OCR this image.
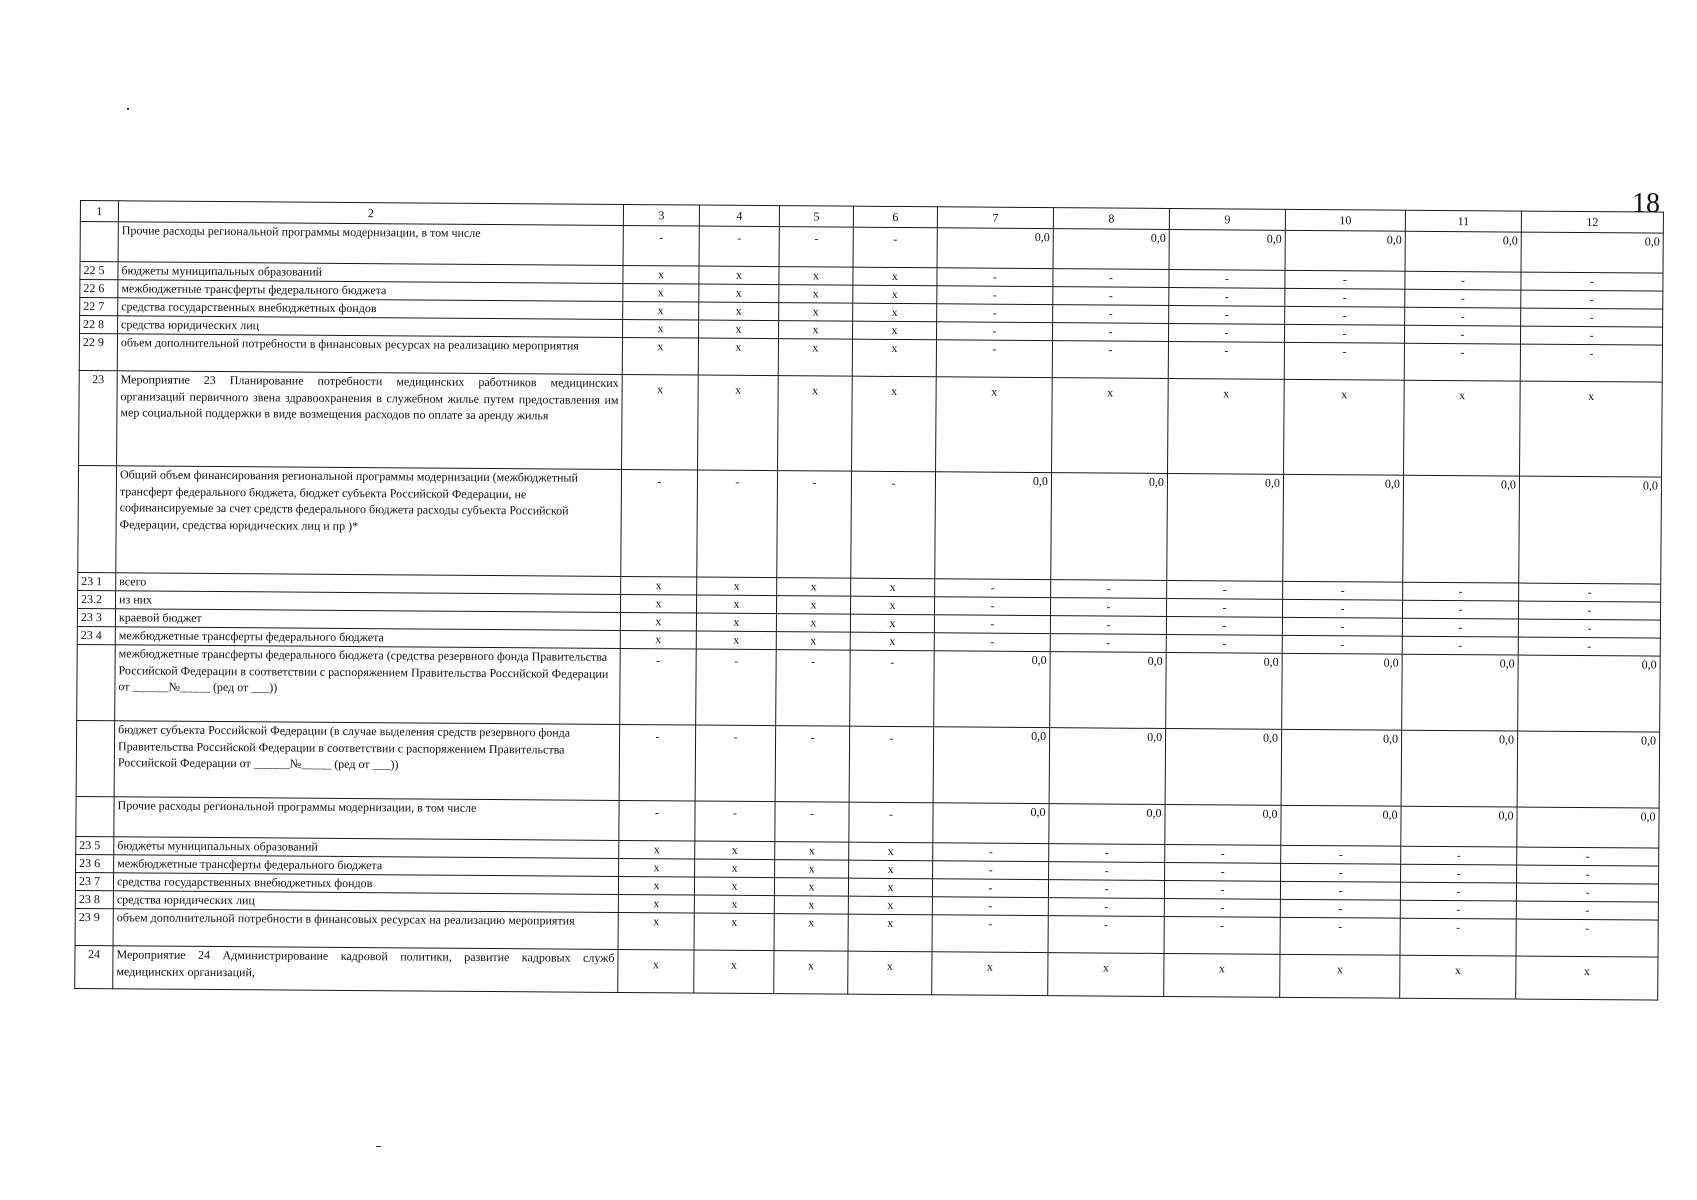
18
1	2	3	4	5	6	7	8	9	10	11	12
	Прочие расходы региональной программы модернизации, в том числе	-	-	-	-	0,0	0,0	0,0	0,0	0,0	0,0
22 5	бюджеты муниципальных образований	x	x	x	x	-	-	-	-	-	-
22 6	межбюджетные трансферты федерального бюджета	x	x	x	x	-	-	-	-	-	-
22 7	средства государственных внебюджетных фондов	x	x	x	x	-	-	-	-	-	-
22 8	средства юридических лиц	x	x	x	x	-	-	-	-	-	-
22 9	объем дополнительной потребности в финансовых ресурсах на реализацию мероприятия	x	x	x	x	-	-	-	-	-	-
23	Мероприятие 23 Планирование потребности медицинских работников медицинских организаций первичного звена здравоохранения в служебном жилье путем предоставления им мер социальной поддержки в виде возмещения расходов по оплате за аренду жилья	x	x	x	x	x	x	x	x	x	x
	Общий объем финансирования региональной программы модернизации (межбюджетный трансферт федерального бюджета, бюджет субъекта Российской Федерации, не софинансируемые за счет средств федерального бюджета расходы субъекта Российской Федерации, средства юридических лиц и пр )*	-	-	-	-	0,0	0,0	0,0	0,0	0,0	0,0
23 1	всего	x	x	x	x	-	-	-	-	-	-
23.2	из них	x	x	x	x	-	-	-	-	-	-
23 3	краевой бюджет	x	x	x	x	-	-	-	-	-	-
23 4	межбюджетные трансферты федерального бюджета	x	x	x	x	-	-	-	-	-	-
	межбюджетные трансферты федерального бюджета (средства резервного фонда Правительства Российской Федерации в соответствии с распоряжением Правительства Российской Федерации от ______№_____ (ред от ___))	-	-	-	-	0,0	0,0	0,0	0,0	0,0	0,0
	бюджет субъекта Российской Федерации (в случае выделения средств резервного фонда Правительства Российской Федерации в соответствии с распоряжением Правительства Российской Федерации от ______№_____ (ред от ___))	-	-	-	-	0,0	0,0	0,0	0,0	0,0	0,0
	Прочие расходы региональной программы модернизации, в том числе	-	-	-	-	0,0	0,0	0,0	0,0	0,0	0,0
23 5	бюджеты муниципальных образований	x	x	x	x	-	-	-	-	-	-
23 6	межбюджетные трансферты федерального бюджета	x	x	x	x	-	-	-	-	-	-
23 7	средства государственных внебюджетных фондов	x	x	x	x	-	-	-	-	-	-
23 8	средства юридических лиц	x	x	x	x	-	-	-	-	-	-
23 9	объем дополнительной потребности в финансовых ресурсах на реализацию мероприятия	x	x	x	x	-	-	-	-	-	-
24	Мероприятие 24 Администрирование кадровой политики, развитие кадровых служб медицинских организаций,	x	x	x	x	x	x	x	x	x	x
